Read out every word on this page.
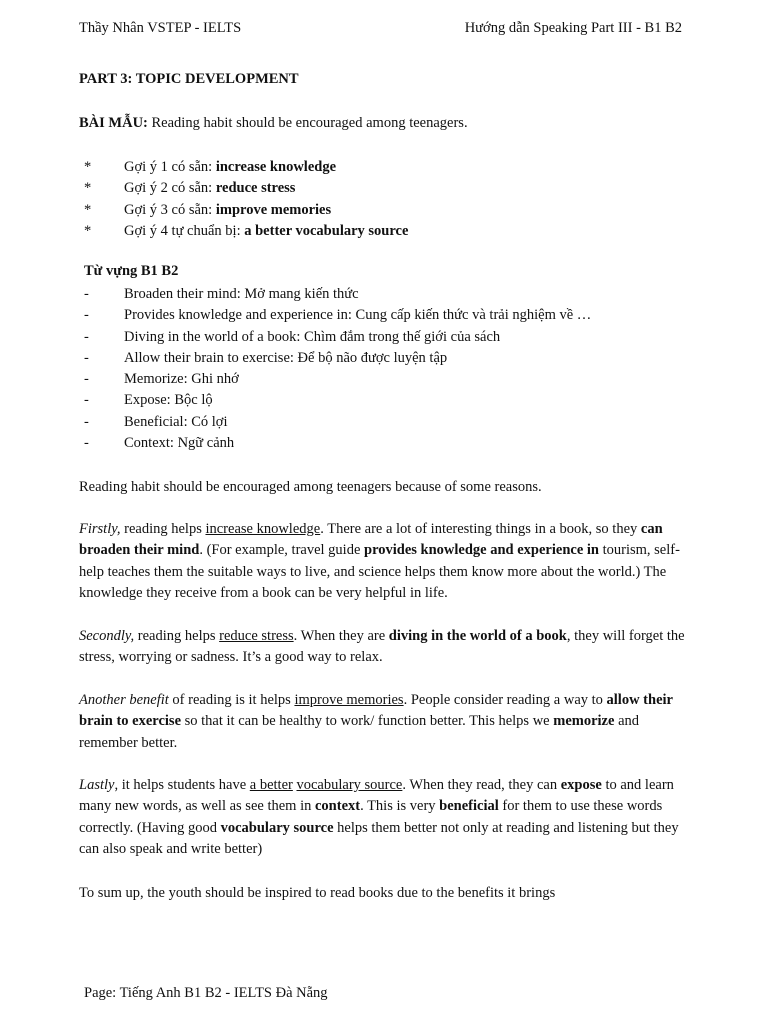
Thầy Nhân VSTEP - IELTS	Hướng dẫn Speaking Part III - B1 B2
PART 3: TOPIC DEVELOPMENT
BÀI MẪU: Reading habit should be encouraged among teenagers.
* Gợi ý 1 có sẵn: increase knowledge
* Gợi ý 2 có sẵn: reduce stress
* Gợi ý 3 có sẵn: improve memories
* Gợi ý 4 tự chuẩn bị: a better vocabulary source
Từ vựng B1 B2
- Broaden their mind: Mở mang kiến thức
- Provides knowledge and experience in: Cung cấp kiến thức và trải nghiệm về …
- Diving in the world of a book: Chìm đắm trong thế giới của sách
- Allow their brain to exercise: Để bộ não được luyện tập
- Memorize: Ghi nhớ
- Expose: Bộc lộ
- Beneficial: Có lợi
- Context: Ngữ cảnh

Reading habit should be encouraged among teenagers because of some reasons.

Firstly, reading helps increase knowledge. There are a lot of interesting things in a book, so they can broaden their mind. (For example, travel guide provides knowledge and experience in tourism, self-help teaches them the suitable ways to live, and science helps them know more about the world.) The knowledge they receive from a book can be very helpful in life.

Secondly, reading helps reduce stress. When they are diving in the world of a book, they will forget the stress, worrying or sadness. It’s a good way to relax.

Another benefit of reading is it helps improve memories. People consider reading a way to allow their brain to exercise so that it can be healthy to work/ function better. This helps we memorize and remember better.

Lastly, it helps students have a better vocabulary source. When they read, they can expose to and learn many new words, as well as see them in context. This is very beneficial for them to use these words correctly. (Having good vocabulary source helps them better not only at reading and listening but they can also speak and write better)

To sum up, the youth should be inspired to read books due to the benefits it brings

Page: Tiếng Anh B1 B2 - IELTS Đà Nẵng
